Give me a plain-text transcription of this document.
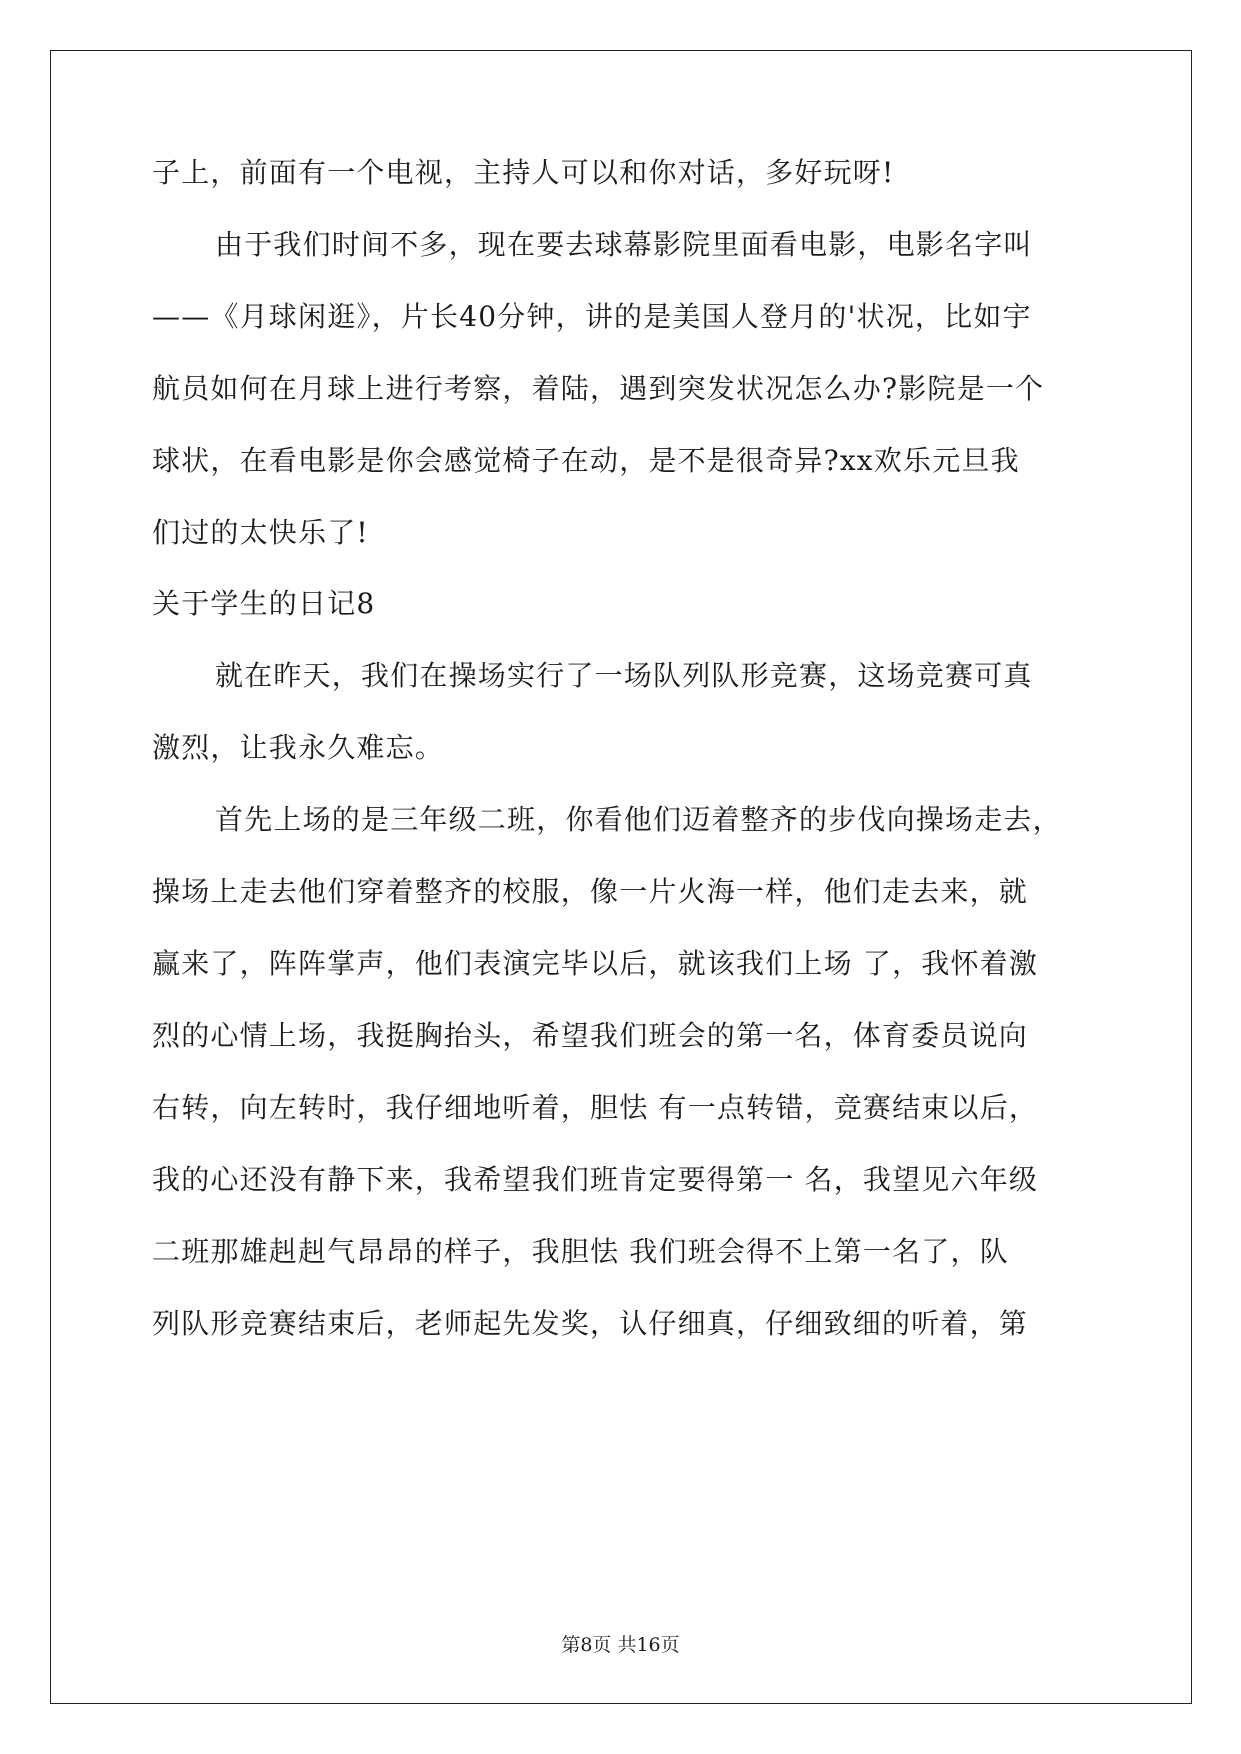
子上，前面有一个电视，主持人可以和你对话，多好玩呀!
由于我们时间不多，现在要去球幕影院里面看电影，电影名字叫
——《月球闲逛》，片长40分钟，讲的是美国人登月的'状况，比如宇
航员如何在月球上进行考察，着陆，遇到突发状况怎么办?影院是一个
球状，在看电影是你会感觉椅子在动，是不是很奇异?xx欢乐元旦我
们过的太快乐了!
关于学生的日记8
就在昨天，我们在操场实行了一场队列队形竞赛，这场竞赛可真
激烈，让我永久难忘。
首先上场的是三年级二班，你看他们迈着整齐的步伐向操场走去，
操场上走去他们穿着整齐的校服，像一片火海一样，他们走去来，就
赢来了，阵阵掌声，他们表演完毕以后，就该我们上场 了，我怀着激
烈的心情上场，我挺胸抬头，希望我们班会的第一名，体育委员说向
右转，向左转时，我仔细地听着，胆怯 有一点转错，竞赛结束以后，
我的心还没有静下来，我希望我们班肯定要得第一 名，我望见六年级
二班那雄赳赳气昂昂的样子，我胆怯 我们班会得不上第一名了，队
列队形竞赛结束后，老师起先发奖，认仔细真，仔细致细的听着，第
第8页 共16页
